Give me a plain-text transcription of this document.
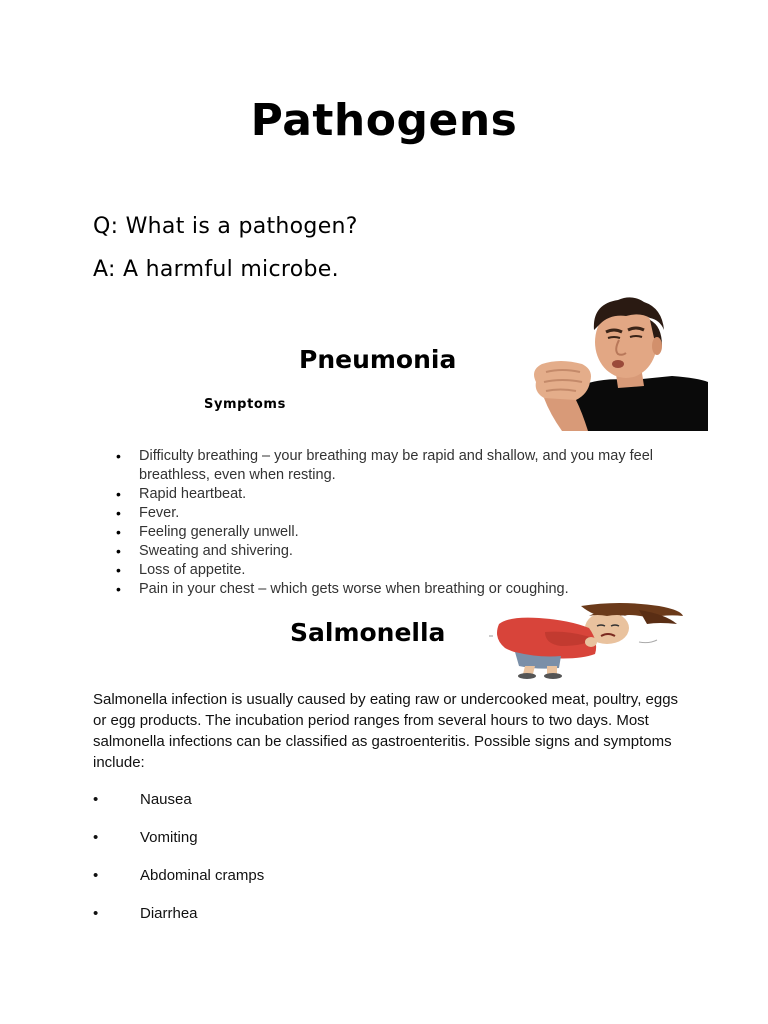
Pathogens
Q: What is a pathogen?
A: A harmful microbe.
Pneumonia
Symptoms
• Difficulty breathing – your breathing may be rapid and shallow, and you may feel breathless, even when resting.
• Rapid heartbeat.
• Fever.
• Feeling generally unwell.
• Sweating and shivering.
• Loss of appetite.
• Pain in your chest – which gets worse when breathing or coughing.
Salmonella
Salmonella infection is usually caused by eating raw or undercooked meat, poultry, eggs or egg products. The incubation period ranges from several hours to two days. Most salmonella infections can be classified as gastroenteritis. Possible signs and symptoms include:
•	Nausea
•	Vomiting
•	Abdominal cramps
•	Diarrhea
